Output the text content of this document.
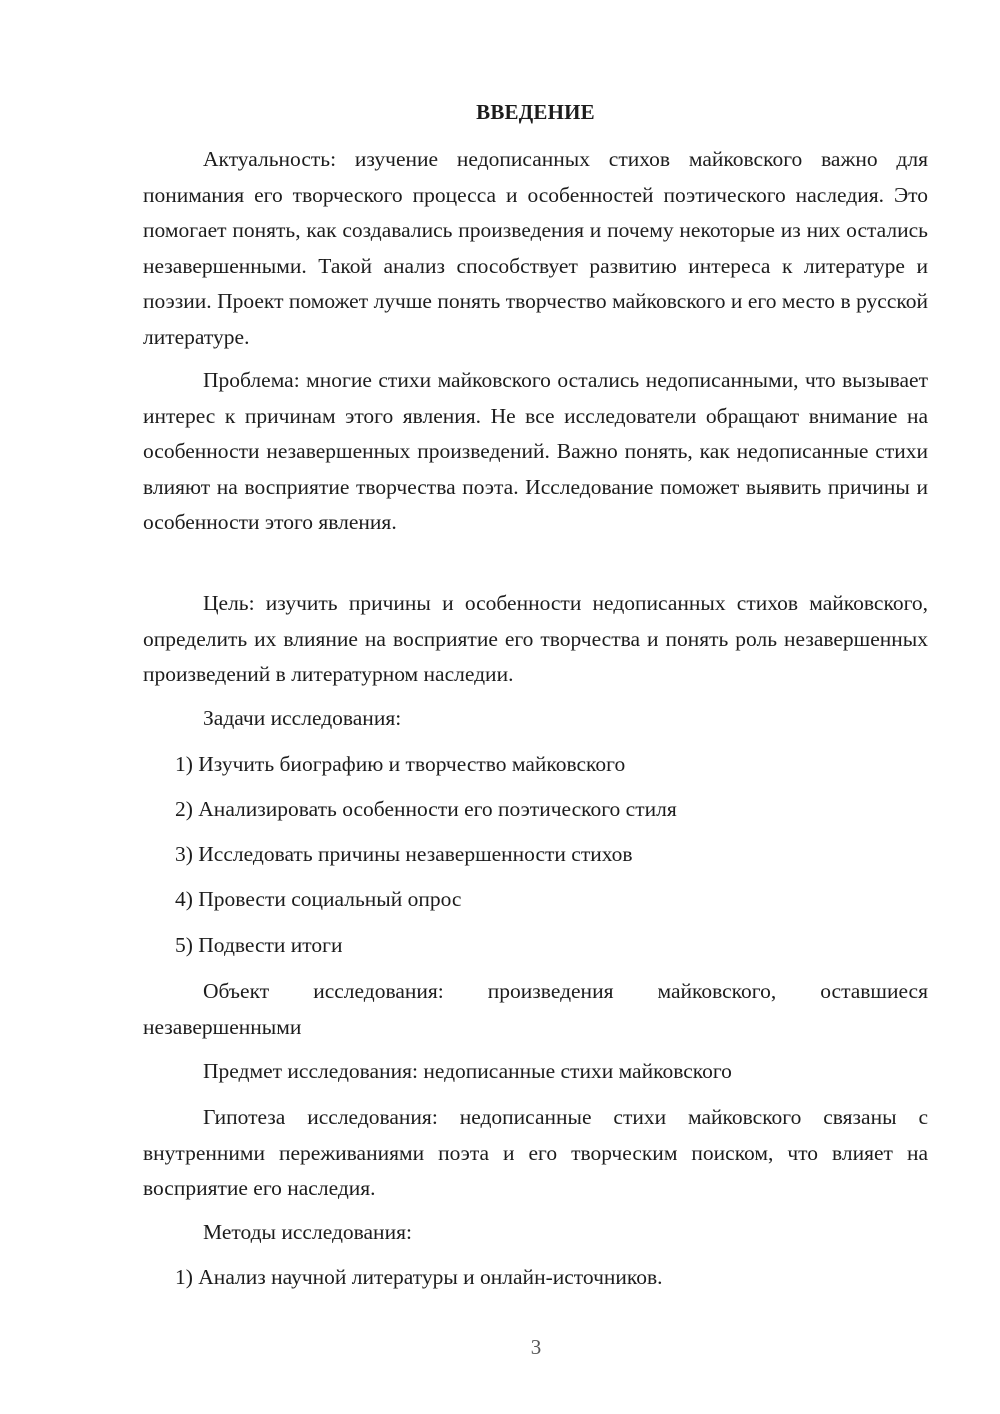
ВВЕДЕНИЕ

Актуальность: изучение недописанных стихов майковского важно для понимания его творческого процесса и особенностей поэтического наследия. Это помогает понять, как создавались произведения и почему некоторые из них остались незавершенными. Такой анализ способствует развитию интереса к литературе и поэзии. Проект поможет лучше понять творчество майковского и его место в русской литературе.

Проблема: многие стихи майковского остались недописанными, что вызывает интерес к причинам этого явления. Не все исследователи обращают внимание на особенности незавершенных произведений. Важно понять, как недописанные стихи влияют на восприятие творчества поэта. Исследование поможет выявить причины и особенности этого явления.

Цель: изучить причины и особенности недописанных стихов майковского, определить их влияние на восприятие его творчества и понять роль незавершенных произведений в литературном наследии.

Задачи исследования:
1) Изучить биографию и творчество майковского
2) Анализировать особенности его поэтического стиля
3) Исследовать причины незавершенности стихов
4) Провести социальный опрос
5) Подвести итоги

Объект исследования: произведения майковского, оставшиеся незавершенными

Предмет исследования: недописанные стихи майковского

Гипотеза исследования: недописанные стихи майковского связаны с внутренними переживаниями поэта и его творческим поиском, что влияет на восприятие его наследия.

Методы исследования:
1) Анализ научной литературы и онлайн-источников.
3
